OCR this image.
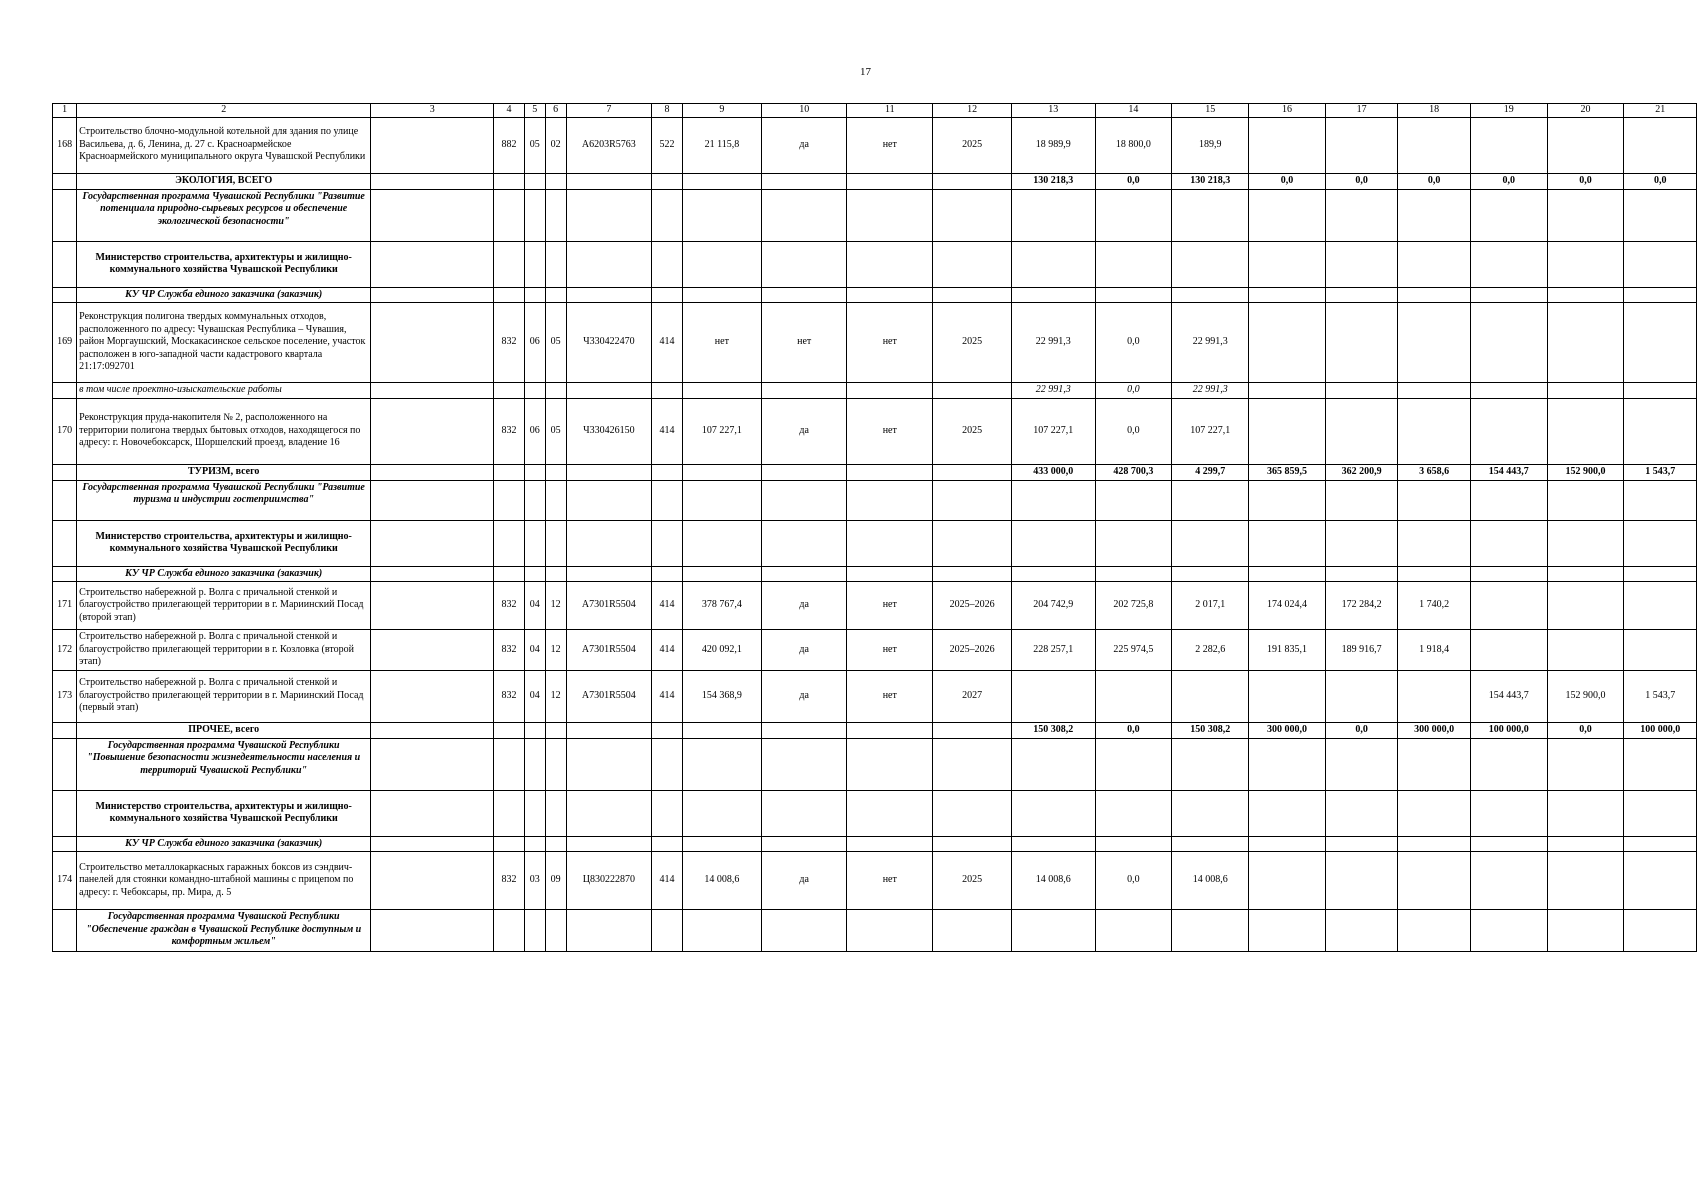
17
1	2	3	4	5	6	7	8	9	10	11	12	13	14	15	16	17	18	19	20	21
168	Строительство блочно-модульной котельной для здания по улице Васильева, д. 6, Ленина, д. 27 с. Красноармейское Красноармейского муниципального округа Чувашской Республики		882	05	02	А6203R5763	522	21 115,8	да	нет	2025	18 989,9	18 800,0	189,9						
	ЭКОЛОГИЯ, ВСЕГО											130 218,3	0,0	130 218,3	0,0	0,0	0,0	0,0	0,0	0,0
	Государственная программа Чувашской Республики "Развитие потенциала природно-сырьевых ресурсов и обеспечение экологической безопасности"																			
	Министерство строительства, архитектуры и жилищно-коммунального хозяйства Чувашской Республики																			
	КУ ЧР Служба единого заказчика (заказчик)																			
169	Реконструкция полигона твердых коммунальных отходов, расположенного по адресу: Чувашская Республика – Чувашия, район Моргаушский, Москакасинское сельское поселение, участок расположен в юго-западной части кадастрового квартала 21:17:092701		832	06	05	Ч330422470	414	нет	нет	нет	2025	22 991,3	0,0	22 991,3						
	в том числе проектно-изыскательские работы											22 991,3	0,0	22 991,3						
170	Реконструкция пруда-накопителя № 2, расположенного на территории полигона твердых бытовых отходов, находящегося по адресу: г. Новочебоксарск, Шоршелский проезд, владение 16		832	06	05	Ч330426150	414	107 227,1	да	нет	2025	107 227,1	0,0	107 227,1						
	ТУРИЗМ, всего											433 000,0	428 700,3	4 299,7	365 859,5	362 200,9	3 658,6	154 443,7	152 900,0	1 543,7
	Государственная программа Чувашской Республики "Развитие туризма и индустрии гостеприимства"																			
	Министерство строительства, архитектуры и жилищно-коммунального хозяйства Чувашской Республики																			
	КУ ЧР Служба единого заказчика (заказчик)																			
171	Строительство набережной р. Волга с причальной стенкой и благоустройство прилегающей территории в г. Мариинский Посад (второй этап)		832	04	12	А7301R5504	414	378 767,4	да	нет	2025–2026	204 742,9	202 725,8	2 017,1	174 024,4	172 284,2	1 740,2			
172	Строительство набережной р. Волга с причальной стенкой и благоустройство прилегающей территории в г. Козловка (второй этап)		832	04	12	А7301R5504	414	420 092,1	да	нет	2025–2026	228 257,1	225 974,5	2 282,6	191 835,1	189 916,7	1 918,4			
173	Строительство набережной р. Волга с причальной стенкой и благоустройство прилегающей территории в г. Мариинский Посад (первый этап)		832	04	12	А7301R5504	414	154 368,9	да	нет	2027							154 443,7	152 900,0	1 543,7
	ПРОЧЕЕ, всего											150 308,2	0,0	150 308,2	300 000,0	0,0	300 000,0	100 000,0	0,0	100 000,0
	Государственная программа Чувашской Республики "Повышение безопасности жизнедеятельности населения и территорий Чувашской Республики"																			
	Министерство строительства, архитектуры и жилищно-коммунального хозяйства Чувашской Республики																			
	КУ ЧР Служба единого заказчика (заказчик)																			
174	Строительство металлокаркасных гаражных боксов из сэндвич-панелей для стоянки командно-штабной машины с прицепом по адресу: г. Чебоксары, пр. Мира, д. 5		832	03	09	Ц830222870	414	14 008,6	да	нет	2025	14 008,6	0,0	14 008,6						
	Государственная программа Чувашской Республики "Обеспечение граждан в Чувашской Республике доступным и комфортным жильем"																			
